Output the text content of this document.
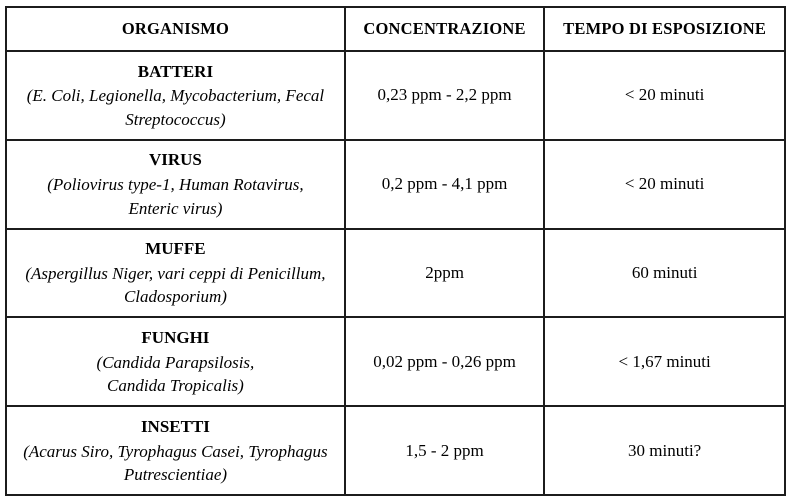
ORGANISMO	CONCENTRAZIONE	TEMPO DI ESPOSIZIONE

BATTERI
(E. Coli, Legionella, Mycobacterium, Fecal
Streptococcus)	0,23 ppm - 2,2 ppm	< 20 minuti

VIRUS
(Poliovirus type-1, Human Rotavirus,
Enteric virus)	0,2 ppm - 4,1 ppm	< 20 minuti

MUFFE
(Aspergillus Niger, vari ceppi di Penicillum,
Cladosporium)	2ppm	60 minuti

FUNGHI
(Candida Parapsilosis,
Candida Tropicalis)	0,02 ppm - 0,26 ppm	< 1,67 minuti

INSETTI
(Acarus Siro, Tyrophagus Casei, Tyrophagus
Putrescientiae)	1,5 - 2 ppm	30 minuti?
